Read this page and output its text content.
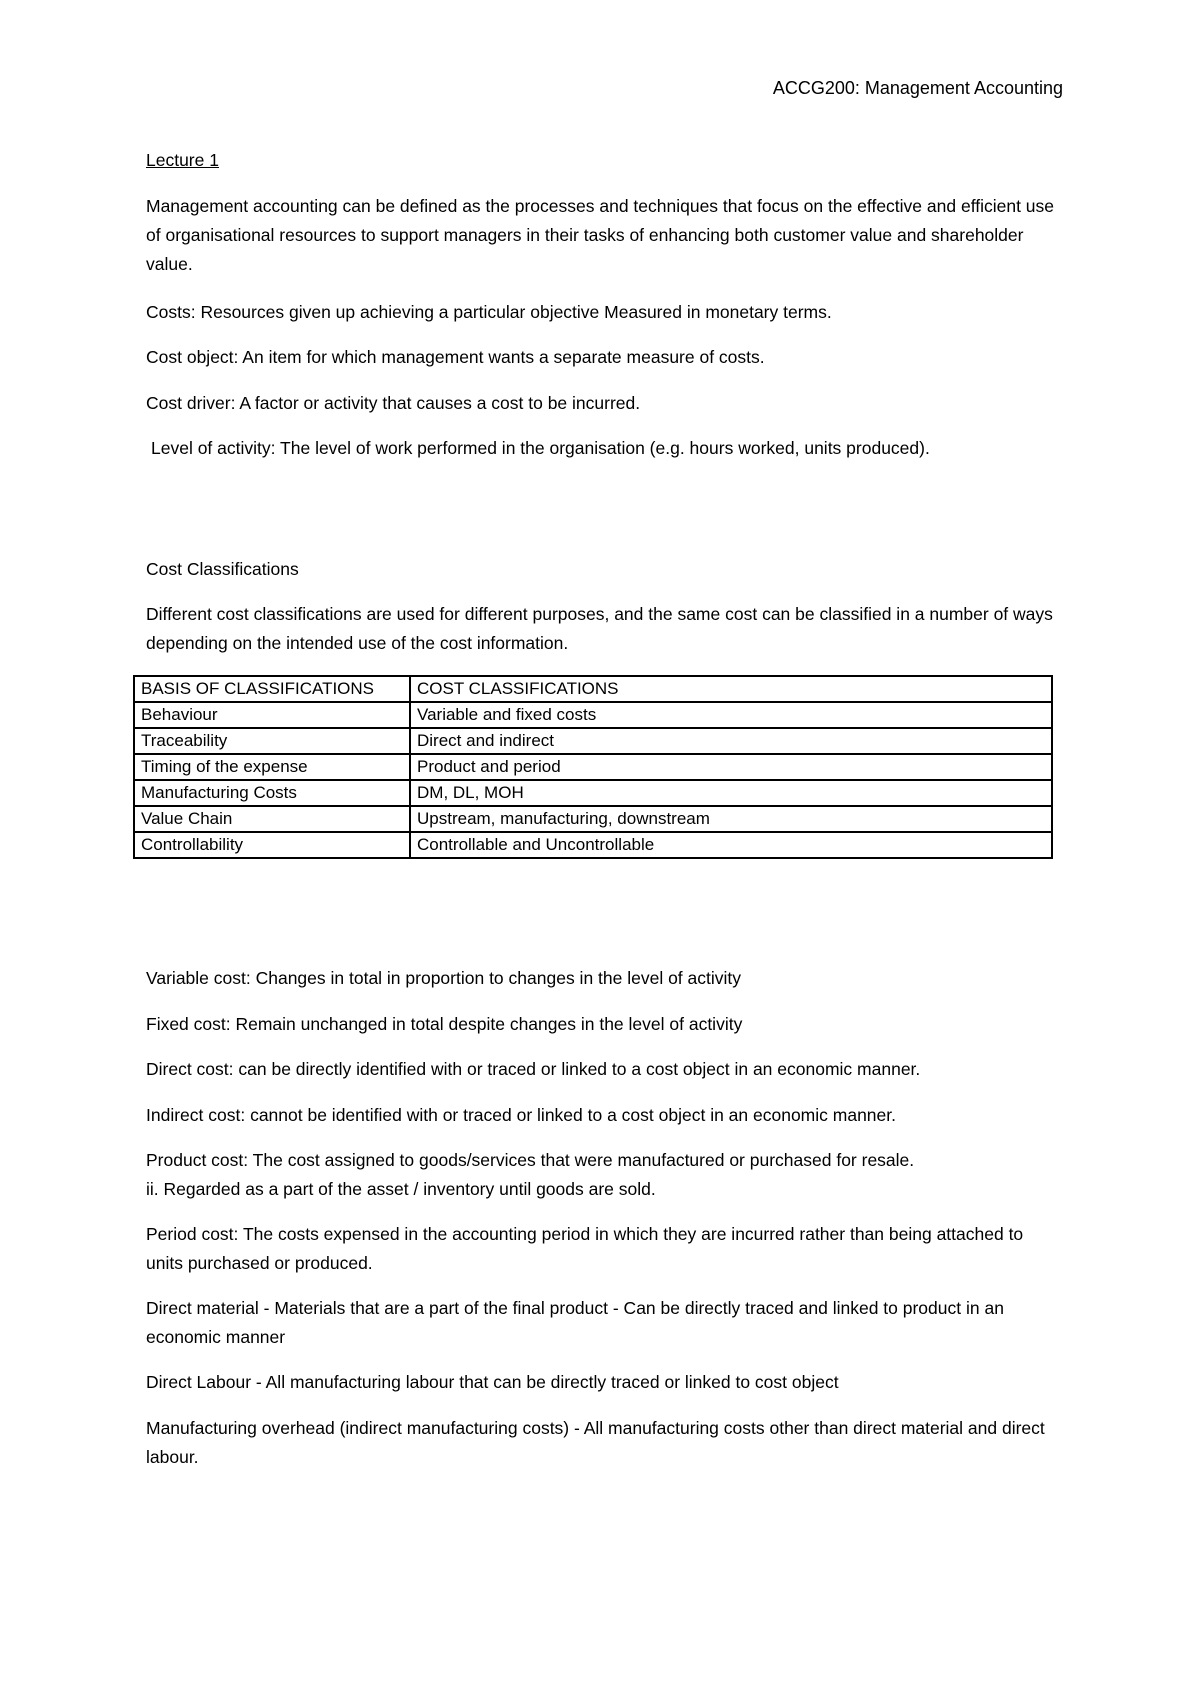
ACCG200: Management Accounting
Lecture 1

Management accounting can be defined as the processes and techniques that focus on the effective and efficient use of organisational resources to support managers in their tasks of enhancing both customer value and shareholder value.

Costs: Resources given up achieving a particular objective Measured in monetary terms.

Cost object: An item for which management wants a separate measure of costs.

Cost driver: A factor or activity that causes a cost to be incurred.

Level of activity: The level of work performed in the organisation (e.g. hours worked, units produced).

Cost Classifications

Different cost classifications are used for different purposes, and the same cost can be classified in a number of ways depending on the intended use of the cost information.

BASIS OF CLASSIFICATIONS	COST CLASSIFICATIONS
Behaviour	Variable and fixed costs
Traceability	Direct and indirect
Timing of the expense	Product and period
Manufacturing Costs	DM, DL, MOH
Value Chain	Upstream, manufacturing, downstream
Controllability	Controllable and Uncontrollable

Variable cost: Changes in total in proportion to changes in the level of activity

Fixed cost: Remain unchanged in total despite changes in the level of activity

Direct cost: can be directly identified with or traced or linked to a cost object in an economic manner.

Indirect cost: cannot be identified with or traced or linked to a cost object in an economic manner.

Product cost: The cost assigned to goods/services that were manufactured or purchased for resale.
ii. Regarded as a part of the asset / inventory until goods are sold.

Period cost: The costs expensed in the accounting period in which they are incurred rather than being attached to units purchased or produced.

Direct material - Materials that are a part of the final product - Can be directly traced and linked to product in an economic manner

Direct Labour - All manufacturing labour that can be directly traced or linked to cost object

Manufacturing overhead (indirect manufacturing costs) - All manufacturing costs other than direct material and direct labour.
